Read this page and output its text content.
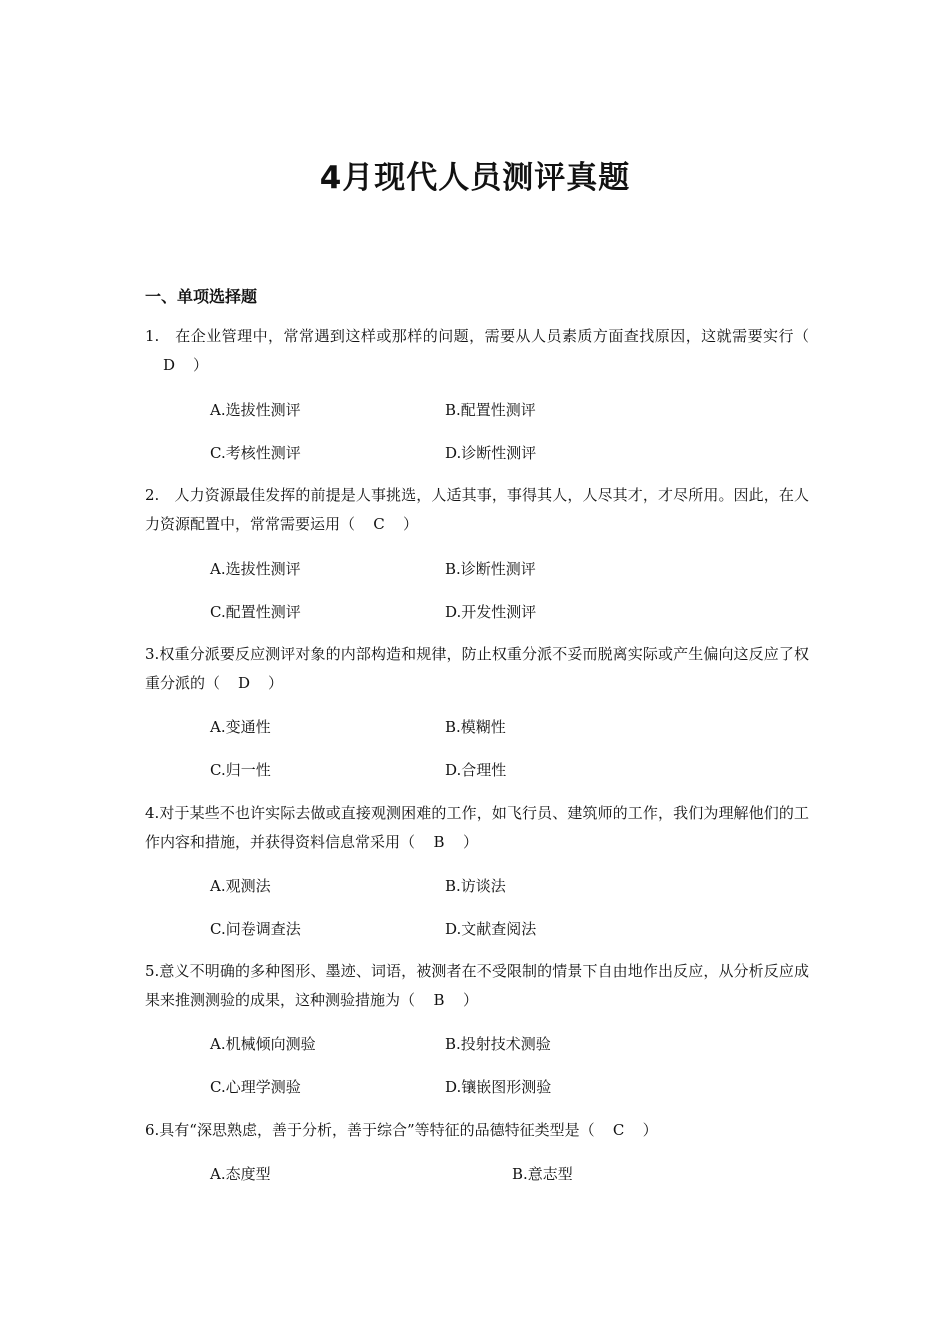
4月现代人员测评真题
一、单项选择题
1.　在企业管理中，常常遇到这样或那样的问题，需要从人员素质方面查找原因，这就需要实行（D ）
A.选拔性测评	B.配置性测评
C.考核性测评	D.诊断性测评
2.　人力资源最佳发挥的前提是人事挑选，人适其事，事得其人，人尽其才，才尽所用。因此，在人力资源配置中，常常需要运用（ C ）
A.选拔性测评	B.诊断性测评
C.配置性测评	D.开发性测评
3.权重分派要反应测评对象的内部构造和规律，防止权重分派不妥而脱离实际或产生偏向这反应了权重分派的（ D ）
A.变通性	B.模糊性
C.归一性	D.合理性
4.对于某些不也许实际去做或直接观测困难的工作，如飞行员、建筑师的工作，我们为理解他们的工作内容和措施，并获得资料信息常采用（ B ）
A.观测法	B.访谈法
C.问卷调查法	D.文献查阅法
5.意义不明确的多种图形、墨迹、词语，被测者在不受限制的情景下自由地作出反应，从分析反应成果来推测测验的成果，这种测验措施为（ B ）
A.机械倾向测验	B.投射技术测验
C.心理学测验	D.镶嵌图形测验
6.具有“深思熟虑，善于分析，善于综合”等特征的品德特征类型是（ C ）
A.态度型	B.意志型
